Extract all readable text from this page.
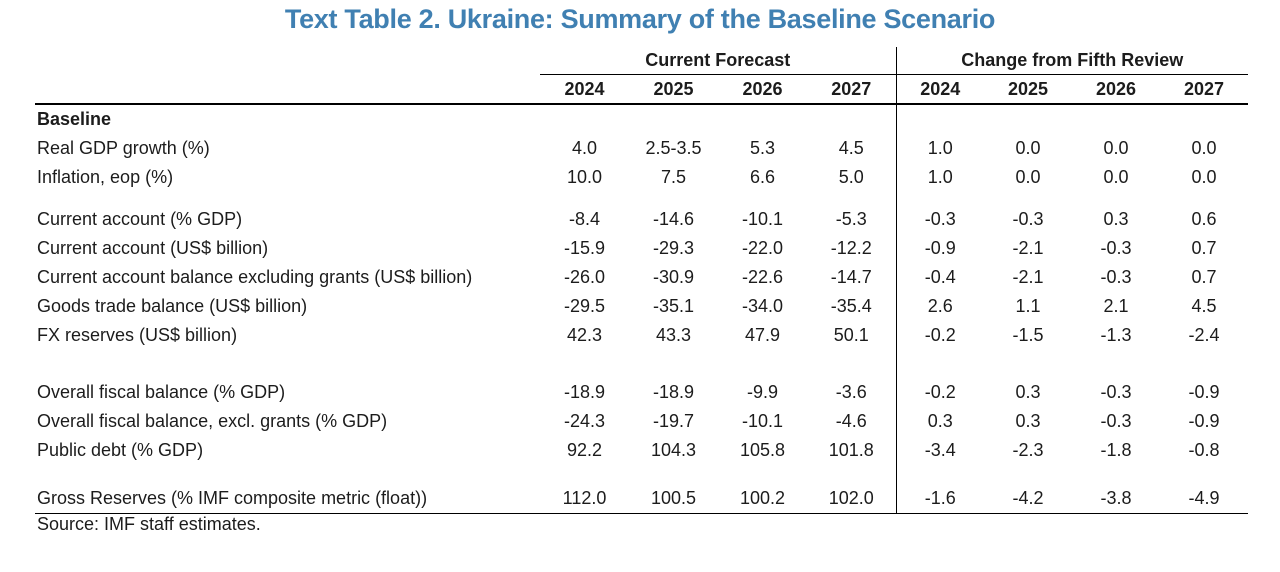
Text Table 2. Ukraine: Summary of the Baseline Scenario
	Current Forecast				Change from Fifth Review			
	2024	2025	2026	2027	2024	2025	2026	2027
Baseline								
Real GDP growth (%)	4.0	2.5-3.5	5.3	4.5	1.0	0.0	0.0	0.0
Inflation, eop (%)	10.0	7.5	6.6	5.0	1.0	0.0	0.0	0.0

Current account (% GDP)	-8.4	-14.6	-10.1	-5.3	-0.3	-0.3	0.3	0.6
Current account (US$ billion)	-15.9	-29.3	-22.0	-12.2	-0.9	-2.1	-0.3	0.7
Current account balance excluding grants (US$ billion)	-26.0	-30.9	-22.6	-14.7	-0.4	-2.1	-0.3	0.7
Goods trade balance (US$ billion)	-29.5	-35.1	-34.0	-35.4	2.6	1.1	2.1	4.5
FX reserves (US$ billion)	42.3	43.3	47.9	50.1	-0.2	-1.5	-1.3	-2.4

Overall fiscal balance (% GDP)	-18.9	-18.9	-9.9	-3.6	-0.2	0.3	-0.3	-0.9
Overall fiscal balance, excl. grants (% GDP)	-24.3	-19.7	-10.1	-4.6	0.3	0.3	-0.3	-0.9
Public debt (% GDP)	92.2	104.3	105.8	101.8	-3.4	-2.3	-1.8	-0.8

Gross Reserves (% IMF composite metric (float))	112.0	100.5	100.2	102.0	-1.6	-4.2	-3.8	-4.9
Source: IMF staff estimates.
